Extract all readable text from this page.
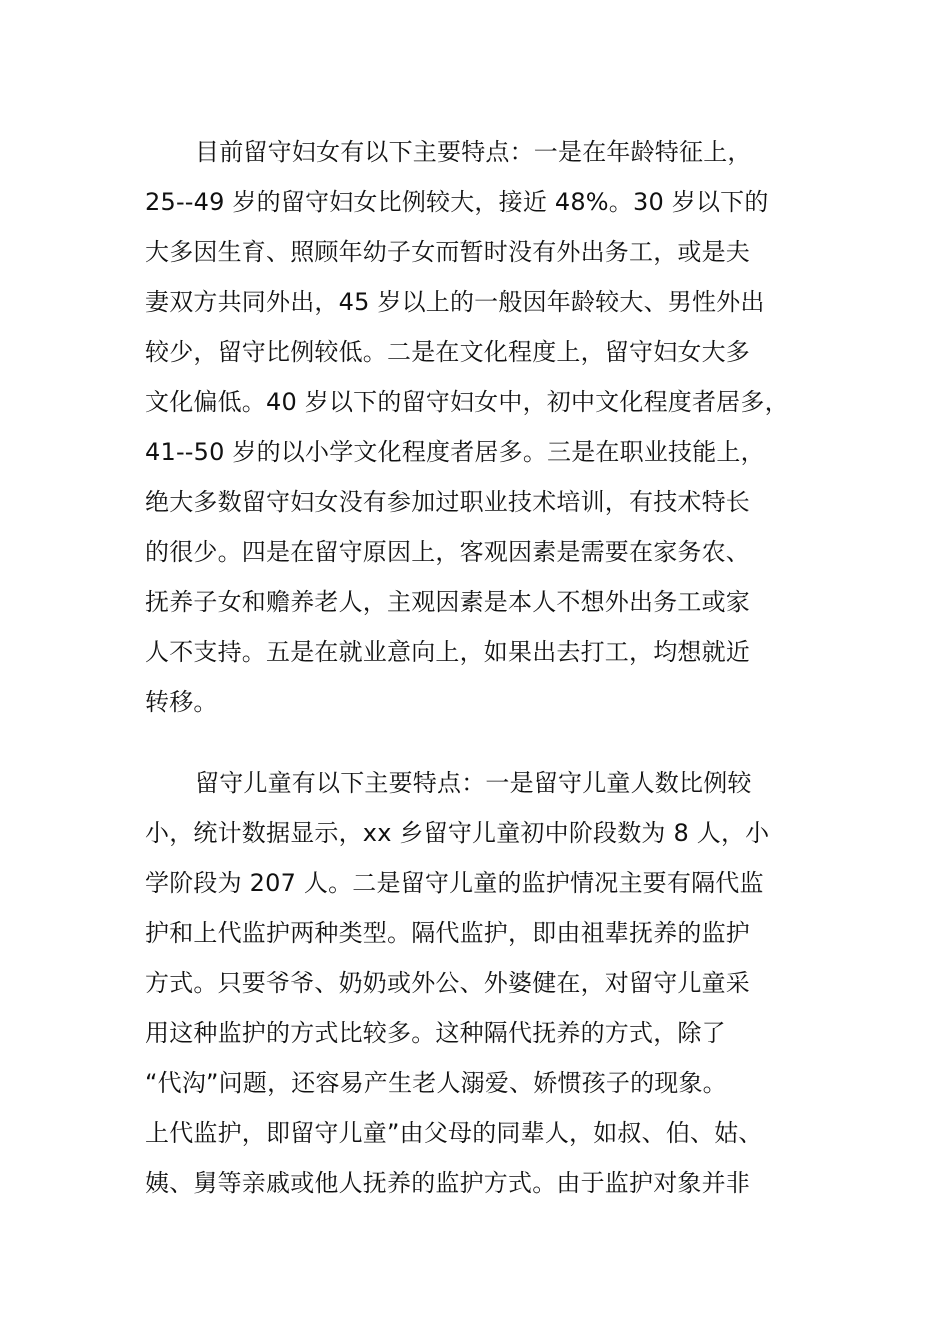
目前留守妇女有以下主要特点：一是在年龄特征上，
25--49 岁的留守妇女比例较大，接近 48%。30 岁以下的
大多因生育、照顾年幼子女而暂时没有外出务工，或是夫
妻双方共同外出，45 岁以上的一般因年龄较大、男性外出
较少，留守比例较低。二是在文化程度上，留守妇女大多
文化偏低。40 岁以下的留守妇女中，初中文化程度者居多，
41--50 岁的以小学文化程度者居多。三是在职业技能上，
绝大多数留守妇女没有参加过职业技术培训，有技术特长
的很少。四是在留守原因上，客观因素是需要在家务农、
抚养子女和赡养老人，主观因素是本人不想外出务工或家
人不支持。五是在就业意向上，如果出去打工，均想就近
转移。
留守儿童有以下主要特点：一是留守儿童人数比例较
小，统计数据显示，xx 乡留守儿童初中阶段数为 8 人，小
学阶段为 207 人。二是留守儿童的监护情况主要有隔代监
护和上代监护两种类型。隔代监护，即由祖辈抚养的监护
方式。只要爷爷、奶奶或外公、外婆健在，对留守儿童采
用这种监护的方式比较多。这种隔代抚养的方式，除了
“代沟”问题，还容易产生老人溺爱、娇惯孩子的现象。
上代监护，即留守儿童”由父母的同辈人，如叔、伯、姑、
姨、舅等亲戚或他人抚养的监护方式。由于监护对象并非
